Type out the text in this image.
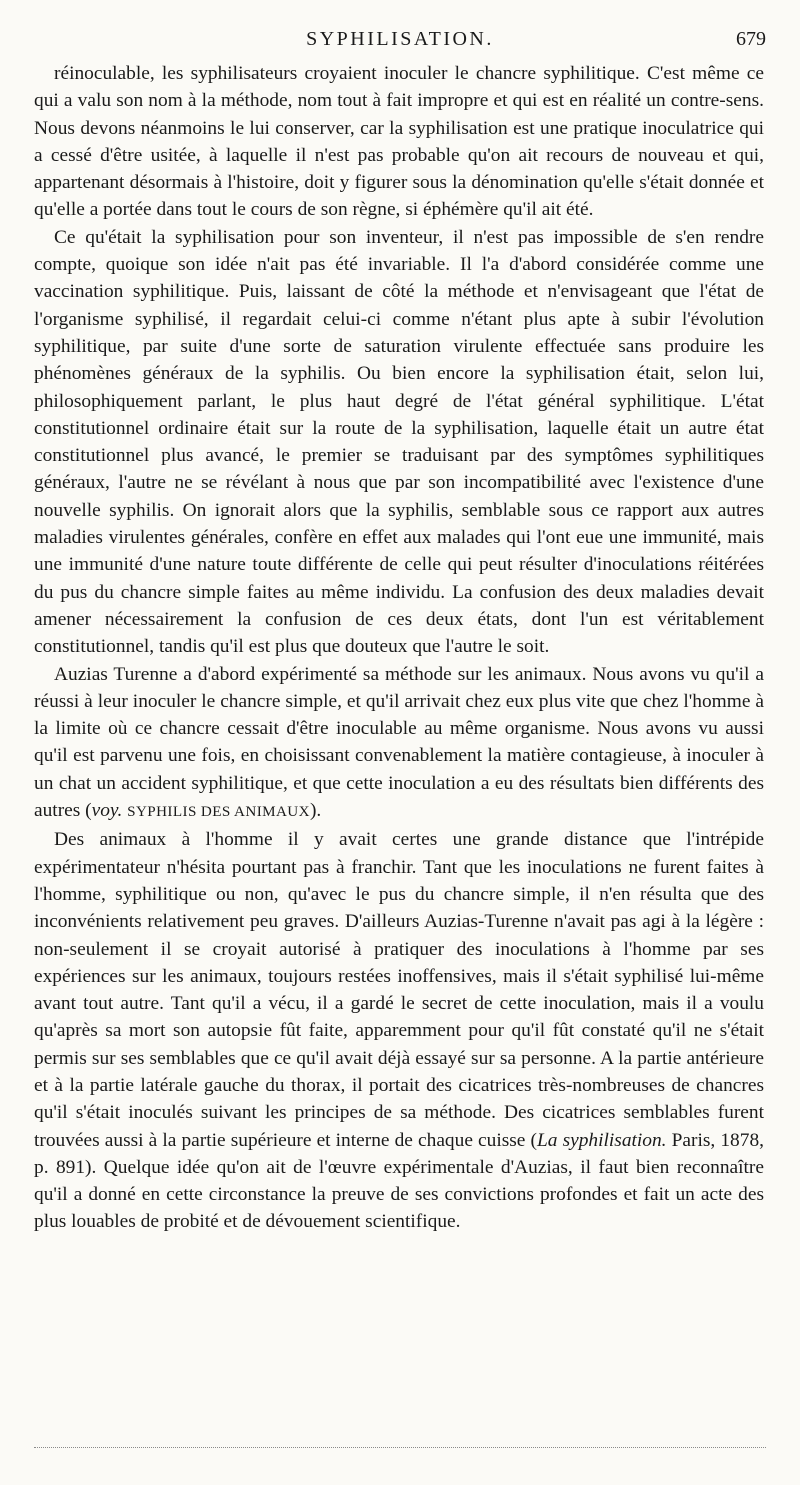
SYPHILISATION.	679

réinoculable, les syphilisateurs croyaient inoculer le chancre syphilitique. C'est même ce qui a valu son nom à la méthode, nom tout à fait impropre et qui est en réalité un contre-sens. Nous devons néanmoins le lui conserver, car la syphilisation est une pratique inoculatrice qui a cessé d'être usitée, à laquelle il n'est pas probable qu'on ait recours de nouveau et qui, appartenant désormais à l'histoire, doit y figurer sous la dénomination qu'elle s'était donnée et qu'elle a portée dans tout le cours de son règne, si éphémère qu'il ait été.

Ce qu'était la syphilisation pour son inventeur, il n'est pas impossible de s'en rendre compte, quoique son idée n'ait pas été invariable. Il l'a d'abord considérée comme une vaccination syphilitique. Puis, laissant de côté la méthode et n'envisageant que l'état de l'organisme syphilisé, il regardait celui-ci comme n'étant plus apte à subir l'évolution syphilitique, par suite d'une sorte de saturation virulente effectuée sans produire les phénomènes généraux de la syphilis. Ou bien encore la syphilisation était, selon lui, philosophiquement parlant, le plus haut degré de l'état général syphilitique. L'état constitutionnel ordinaire était sur la route de la syphilisation, laquelle était un autre état constitutionnel plus avancé, le premier se traduisant par des symptômes syphilitiques généraux, l'autre ne se révélant à nous que par son incompatibilité avec l'existence d'une nouvelle syphilis. On ignorait alors que la syphilis, semblable sous ce rapport aux autres maladies virulentes générales, confère en effet aux malades qui l'ont eue une immunité, mais une immunité d'une nature toute différente de celle qui peut résulter d'inoculations réitérées du pus du chancre simple faites au même individu. La confusion des deux maladies devait amener nécessairement la confusion de ces deux états, dont l'un est véritablement constitutionnel, tandis qu'il est plus que douteux que l'autre le soit.

Auzias Turenne a d'abord expérimenté sa méthode sur les animaux. Nous avons vu qu'il a réussi à leur inoculer le chancre simple, et qu'il arrivait chez eux plus vite que chez l'homme à la limite où ce chancre cessait d'être inoculable au même organisme. Nous avons vu aussi qu'il est parvenu une fois, en choisissant convenablement la matière contagieuse, à inoculer à un chat un accident syphilitique, et que cette inoculation a eu des résultats bien différents des autres (voy. SYPHILIS DES ANIMAUX).

Des animaux à l'homme il y avait certes une grande distance que l'intrépide expérimentateur n'hésita pourtant pas à franchir. Tant que les inoculations ne furent faites à l'homme, syphilitique ou non, qu'avec le pus du chancre simple, il n'en résulta que des inconvénients relativement peu graves. D'ailleurs Auzias-Turenne n'avait pas agi à la légère : non-seulement il se croyait autorisé à pratiquer des inoculations à l'homme par ses expériences sur les animaux, toujours restées inoffensives, mais il s'était syphilisé lui-même avant tout autre. Tant qu'il a vécu, il a gardé le secret de cette inoculation, mais il a voulu qu'après sa mort son autopsie fût faite, apparemment pour qu'il fût constaté qu'il ne s'était permis sur ses semblables que ce qu'il avait déjà essayé sur sa personne. A la partie antérieure et à la partie latérale gauche du thorax, il portait des cicatrices très-nombreuses de chancres qu'il s'était inoculés suivant les principes de sa méthode. Des cicatrices semblables furent trouvées aussi à la partie supérieure et interne de chaque cuisse (La syphilisation. Paris, 1878, p. 891). Quelque idée qu'on ait de l'œuvre expérimentale d'Auzias, il faut bien reconnaître qu'il a donné en cette circonstance la preuve de ses convictions profondes et fait un acte des plus louables de probité et de dévouement scientifique.
